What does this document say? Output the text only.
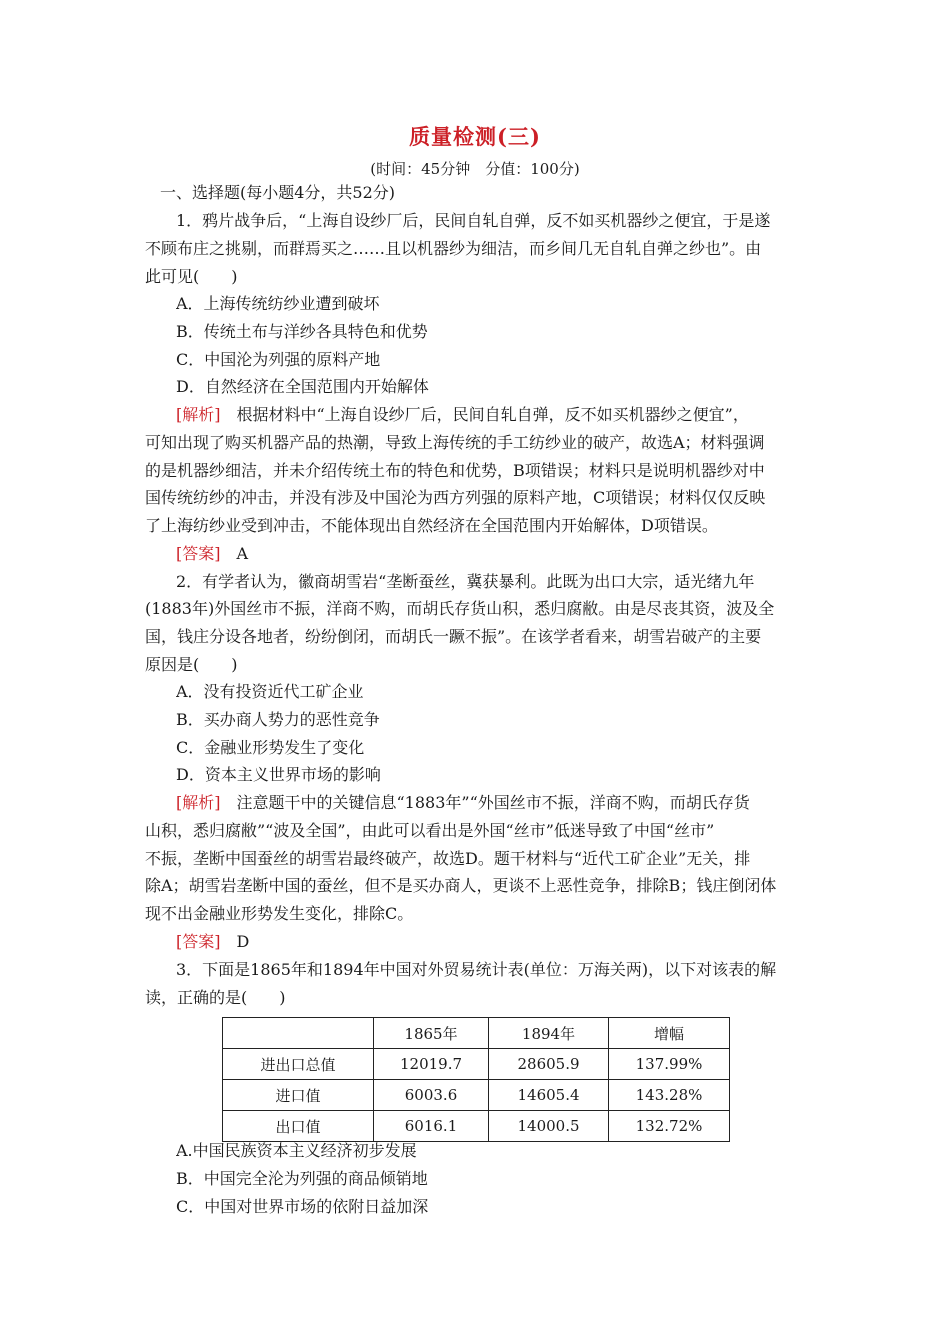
质量检测(三)
(时间：45分钟　分值：100分)
一、选择题(每小题4分，共52分)
1．鸦片战争后，“上海自设纱厂后，民间自轧自弹，反不如买机器纱之便宜，于是遂
不顾布庄之挑剔，而群焉买之……且以机器纱为细洁，而乡间几无自轧自弹之纱也”。由
此可见(　　)
A．上海传统纺纱业遭到破坏
B．传统土布与洋纱各具特色和优势
C．中国沦为列强的原料产地
D．自然经济在全国范围内开始解体
[解析]　根据材料中“上海自设纱厂后，民间自轧自弹，反不如买机器纱之便宜”，
可知出现了购买机器产品的热潮，导致上海传统的手工纺纱业的破产，故选A；材料强调
的是机器纱细洁，并未介绍传统土布的特色和优势，B项错误；材料只是说明机器纱对中
国传统纺纱的冲击，并没有涉及中国沦为西方列强的原料产地，C项错误；材料仅仅反映
了上海纺纱业受到冲击，不能体现出自然经济在全国范围内开始解体，D项错误。
[答案]　A
2．有学者认为，徽商胡雪岩“垄断蚕丝，冀获暴利。此既为出口大宗，适光绪九年
(1883年)外国丝市不振，洋商不购，而胡氏存货山积，悉归腐敝。由是尽丧其资，波及全
国，钱庄分设各地者，纷纷倒闭，而胡氏一蹶不振”。在该学者看来，胡雪岩破产的主要
原因是(　　)
A．没有投资近代工矿企业
B．买办商人势力的恶性竞争
C．金融业形势发生了变化
D．资本主义世界市场的影响
[解析]　注意题干中的关键信息“1883年”“外国丝市不振，洋商不购，而胡氏存货
山积，悉归腐敝”“波及全国”，由此可以看出是外国“丝市”低迷导致了中国“丝市”
不振，垄断中国蚕丝的胡雪岩最终破产，故选D。题干材料与“近代工矿企业”无关，排
除A；胡雪岩垄断中国的蚕丝，但不是买办商人，更谈不上恶性竞争，排除B；钱庄倒闭体
现不出金融业形势发生变化，排除C。
[答案]　D
3．下面是1865年和1894年中国对外贸易统计表(单位：万海关两)，以下对该表的解
读，正确的是(　　)
	1865年	1894年	增幅
进出口总值	12019.7	28605.9	137.99%
进口值	6003.6	14605.4	143.28%
出口值	6016.1	14000.5	132.72%
A.中国民族资本主义经济初步发展
B．中国完全沦为列强的商品倾销地
C．中国对世界市场的依附日益加深
